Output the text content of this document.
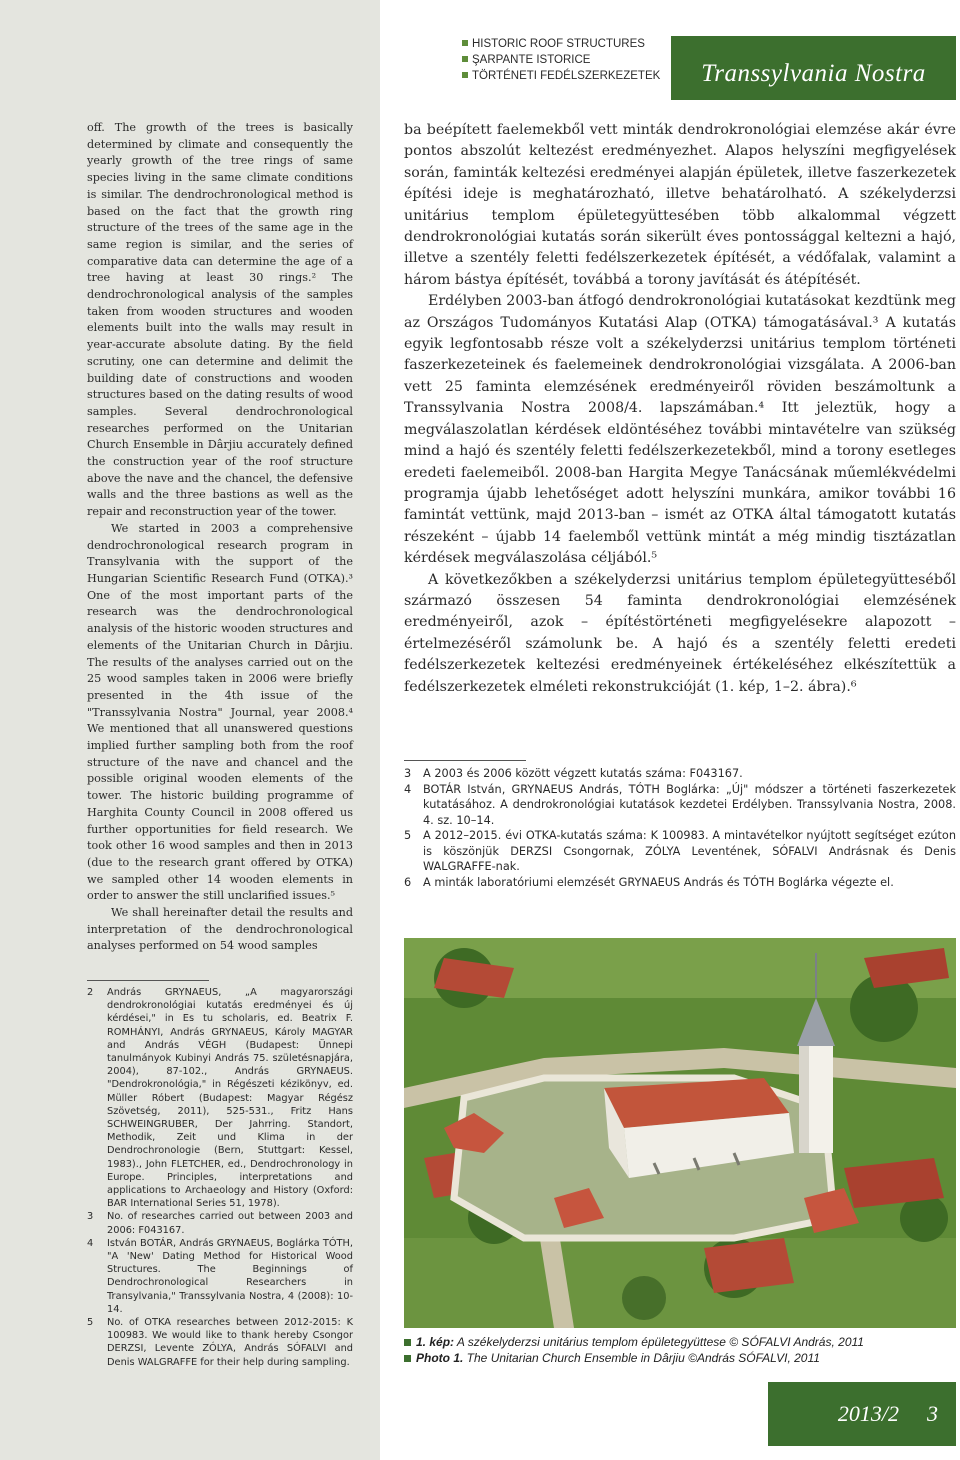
HISTORIC ROOF STRUCTURES
ŞARPANTE ISTORICE
TÖRTÉNETI FEDÉLSZERKEZETEK	Transsylvania Nostra

off. The growth of the trees is basically determined by climate and consequently the yearly growth of the tree rings of same species living in the same climate conditions is similar. The dendrochronological method is based on the fact that the growth ring structure of the trees of the same age in the same region is similar, and the series of comparative data can determine the age of a tree having at least 30 rings.² The dendrochronological analysis of the samples taken from wooden structures and wooden elements built into the walls may result in year-accurate absolute dating. By the field scrutiny, one can determine and delimit the building date of constructions and wooden structures based on the dating results of wood samples. Several dendrochronological researches performed on the Unitarian Church Ensemble in Dârjiu accurately defined the construction year of the roof structure above the nave and the chancel, the defensive walls and the three bastions as well as the repair and reconstruction year of the tower.

We started in 2003 a comprehensive dendrochronological research program in Transylvania with the support of the Hungarian Scientific Research Fund (OTKA).³ One of the most important parts of the research was the dendrochronological analysis of the historic wooden structures and elements of the Unitarian Church in Dârjiu. The results of the analyses carried out on the 25 wood samples taken in 2006 were briefly presented in the 4th issue of the "Transsylvania Nostra" Journal, year 2008.⁴ We mentioned that all unanswered questions implied further sampling both from the roof structure of the nave and chancel and the possible original wooden elements of the tower. The historic building programme of Harghita County Council in 2008 offered us further opportunities for field research. We took other 16 wood samples and then in 2013 (due to the research grant offered by OTKA) we sampled other 14 wooden elements in order to answer the still unclarified issues.⁵

We shall hereinafter detail the results and interpretation of the dendrochronological analyses performed on 54 wood samples

2	András GRYNAEUS, „A magyarországi dendrokronológiai kutatás eredményei és új kérdései," in Es tu scholaris, ed. Beatrix F. ROMHÁNYI, András GRYNAEUS, Károly MAGYAR and András VÉGH (Budapest: Ünnepi tanulmányok Kubinyi András 75. születésnapjára, 2004), 87-102., András GRYNAEUS. "Dendrokronológia," in Régészeti kézikönyv, ed. Müller Róbert (Budapest: Magyar Régész Szövetség, 2011), 525-531., Fritz Hans SCHWEINGRUBER, Der Jahrring. Standort, Methodik, Zeit und Klima in der Dendrochronologie (Bern, Stuttgart: Kessel, 1983)., John FLETCHER, ed., Dendrochronology in Europe. Principles, interpretations and applications to Archaeology and History (Oxford: BAR International Series 51, 1978).
3	No. of researches carried out between 2003 and 2006: F043167.
4	István BOTÁR, András GRYNAEUS, Boglárka TÓTH, "A 'New' Dating Method for Historical Wood Structures. The Beginnings of Dendrochronological Researchers in Transylvania," Transsylvania Nostra, 4 (2008): 10-14.
5	No. of OTKA researches between 2012-2015: K 100983. We would like to thank hereby Csongor DERZSI, Levente ZÓLYA, András SÓFALVI and Denis WALGRAFFE for their help during sampling.

ba beépített faelemekből vett minták dendrokronológiai elemzése akár évre pontos abszolút keltezést eredményezhet. Alapos helyszíni megfigyelések során, faminták keltezési eredményei alapján épületek, illetve faszerkezetek építési ideje is meghatározható, illetve behatárolható. A székelyderzsi unitárius templom épületegyüttesében több alkalommal végzett dendrokronológiai kutatás során sikerült éves pontossággal keltezni a hajó, illetve a szentély feletti fedélszerkezetek építését, a védőfalak, valamint a három bástya építését, továbbá a torony javítását és átépítését.

Erdélyben 2003-ban átfogó dendrokronológiai kutatásokat kezdtünk meg az Országos Tudományos Kutatási Alap (OTKA) támogatásával.³ A kutatás egyik legfontosabb része volt a székelyderzsi unitárius templom történeti faszerkezeteinek és faelemeinek dendrokronológiai vizsgálata. A 2006-ban vett 25 faminta elemzésének eredményeiről röviden beszámoltunk a Transsylvania Nostra 2008/4. lapszámában.⁴ Itt jeleztük, hogy a megválaszolatlan kérdések eldöntéséhez további mintavételre van szükség mind a hajó és szentély feletti fedélszerkezetekből, mind a torony esetleges eredeti faelemeiből. 2008-ban Hargita Megye Tanácsának műemlékvédelmi programja újabb lehetőséget adott helyszíni munkára, amikor további 16 famintát vettünk, majd 2013-ban – ismét az OTKA által támogatott kutatás részeként – újabb 14 faelemből vettünk mintát a még mindig tisztázatlan kérdések megválaszolása céljából.⁵

A következőkben a székelyderzsi unitárius templom épületegyütteséből származó összesen 54 faminta dendrokronológiai elemzésének eredményeiről, azok – építéstörténeti megfigyelésekre alapozott – értelmezéséről számolunk be. A hajó és a szentély feletti eredeti fedélszerkezetek keltezési eredményeinek értékeléséhez elkészítettük a fedélszerkezetek elméleti rekonstrukcióját (1. kép, 1–2. ábra).⁶

3	A 2003 és 2006 között végzett kutatás száma: F043167.
4	BOTÁR István, GRYNAEUS András, TÓTH Boglárka: „Új" módszer a történeti faszerkezetek kutatásához. A dendrokronológiai kutatások kezdetei Erdélyben. Transsylvania Nostra, 2008. 4. sz. 10–14.
5	A 2012–2015. évi OTKA-kutatás száma: K 100983. A mintavételkor nyújtott segítséget ezúton is köszönjük DERZSI Csongornak, ZÓLYA Leventének, SÓFALVI Andrásnak és Denis WALGRAFFE-nak.
6	A minták laboratóriumi elemzését GRYNAEUS András és TÓTH Boglárka végezte el.
1. kép: A székelyderzsi unitárius templom épületegyüttese © SÓFALVI András, 2011
Photo 1. The Unitarian Church Ensemble in Dârjiu ©András SÓFALVI, 2011
2013/2 3
